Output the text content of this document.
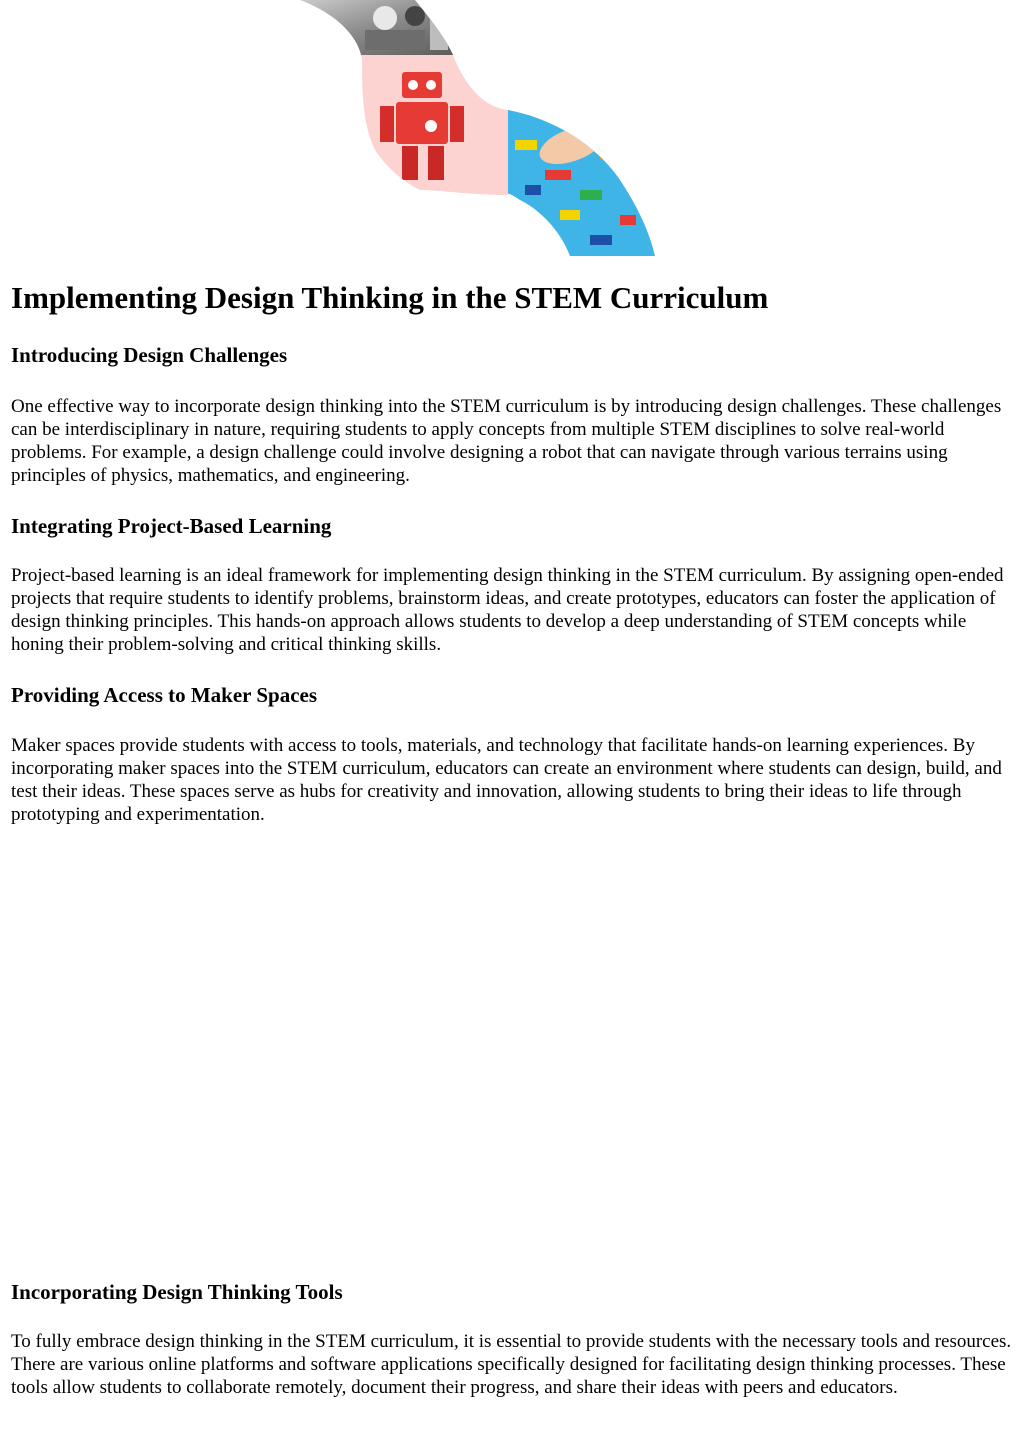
Implementing Design Thinking in the STEM Curriculum
Introducing Design Challenges

One effective way to incorporate design thinking into the STEM curriculum is by introducing design challenges. These challenges can be interdisciplinary in nature, requiring students to apply concepts from multiple STEM disciplines to solve real-world problems. For example, a design challenge could involve designing a robot that can navigate through various terrains using principles of physics, mathematics, and engineering.

Integrating Project-Based Learning

Project-based learning is an ideal framework for implementing design thinking in the STEM curriculum. By assigning open-ended projects that require students to identify problems, brainstorm ideas, and create prototypes, educators can foster the application of design thinking principles. This hands-on approach allows students to develop a deep understanding of STEM concepts while honing their problem-solving and critical thinking skills.

Providing Access to Maker Spaces

Maker spaces provide students with access to tools, materials, and technology that facilitate hands-on learning experiences. By incorporating maker spaces into the STEM curriculum, educators can create an environment where students can design, build, and test their ideas. These spaces serve as hubs for creativity and innovation, allowing students to bring their ideas to life through prototyping and experimentation.

Incorporating Design Thinking Tools

To fully embrace design thinking in the STEM curriculum, it is essential to provide students with the necessary tools and resources. There are various online platforms and software applications specifically designed for facilitating design thinking processes. These tools allow students to collaborate remotely, document their progress, and share their ideas with peers and educators.
